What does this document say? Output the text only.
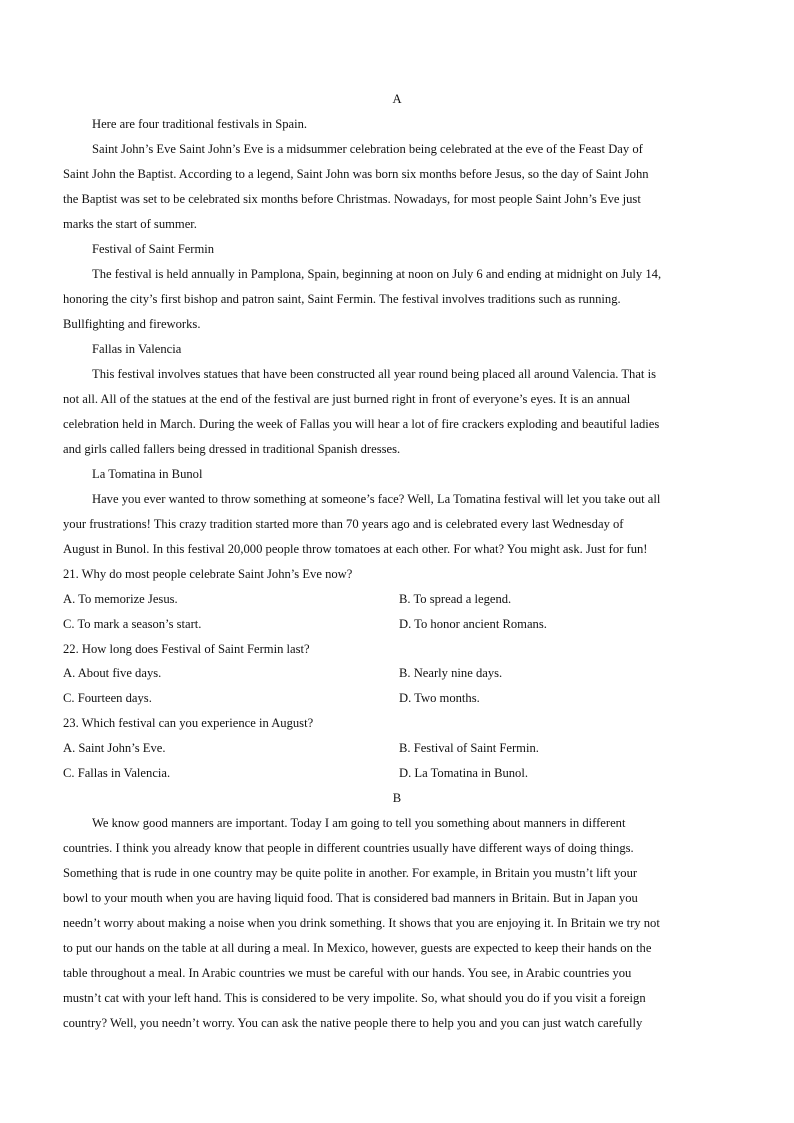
A
Here are four traditional festivals in Spain.
Saint John’s Eve Saint John’s Eve is a midsummer celebration being celebrated at the eve of the Feast Day of
Saint John the Baptist. According to a legend, Saint John was born six months before Jesus, so the day of Saint John
the Baptist was set to be celebrated six months before Christmas. Nowadays, for most people Saint John’s Eve just
marks the start of summer.
Festival of Saint Fermin
The festival is held annually in Pamplona, Spain, beginning at noon on July 6 and ending at midnight on July 14,
honoring the city’s first bishop and patron saint, Saint Fermin. The festival involves traditions such as running.
Bullfighting and fireworks.
Fallas in Valencia
This festival involves statues that have been constructed all year round being placed all around Valencia. That is
not all. All of the statues at the end of the festival are just burned right in front of everyone’s eyes. It is an annual
celebration held in March. During the week of Fallas you will hear a lot of fire crackers exploding and beautiful ladies
and girls called fallers being dressed in traditional Spanish dresses.
La Tomatina in Bunol
Have you ever wanted to throw something at someone’s face? Well, La Tomatina festival will let you take out all
your frustrations! This crazy tradition started more than 70 years ago and is celebrated every last Wednesday of
August in Bunol. In this festival 20,000 people throw tomatoes at each other. For what? You might ask. Just for fun!
21. Why do most people celebrate Saint John’s Eve now?
A. To memorize Jesus.	B. To spread a legend.
C. To mark a season’s start.	D. To honor ancient Romans.
22. How long does Festival of Saint Fermin last?
A. About five days.	B. Nearly nine days.
C. Fourteen days.	D. Two months.
23. Which festival can you experience in August?
A. Saint John’s Eve.	B. Festival of Saint Fermin.
C. Fallas in Valencia.	D. La Tomatina in Bunol.
B
We know good manners are important. Today I am going to tell you something about manners in different
countries. I think you already know that people in different countries usually have different ways of doing things.
Something that is rude in one country may be quite polite in another. For example, in Britain you mustn’t lift your
bowl to your mouth when you are having liquid food. That is considered bad manners in Britain. But in Japan you
needn’t worry about making a noise when you drink something. It shows that you are enjoying it. In Britain we try not
to put our hands on the table at all during a meal. In Mexico, however, guests are expected to keep their hands on the
table throughout a meal. In Arabic countries we must be careful with our hands. You see, in Arabic countries you
mustn’t cat with your left hand. This is considered to be very impolite. So, what should you do if you visit a foreign
country? Well, you needn’t worry. You can ask the native people there to help you and you can just watch carefully
